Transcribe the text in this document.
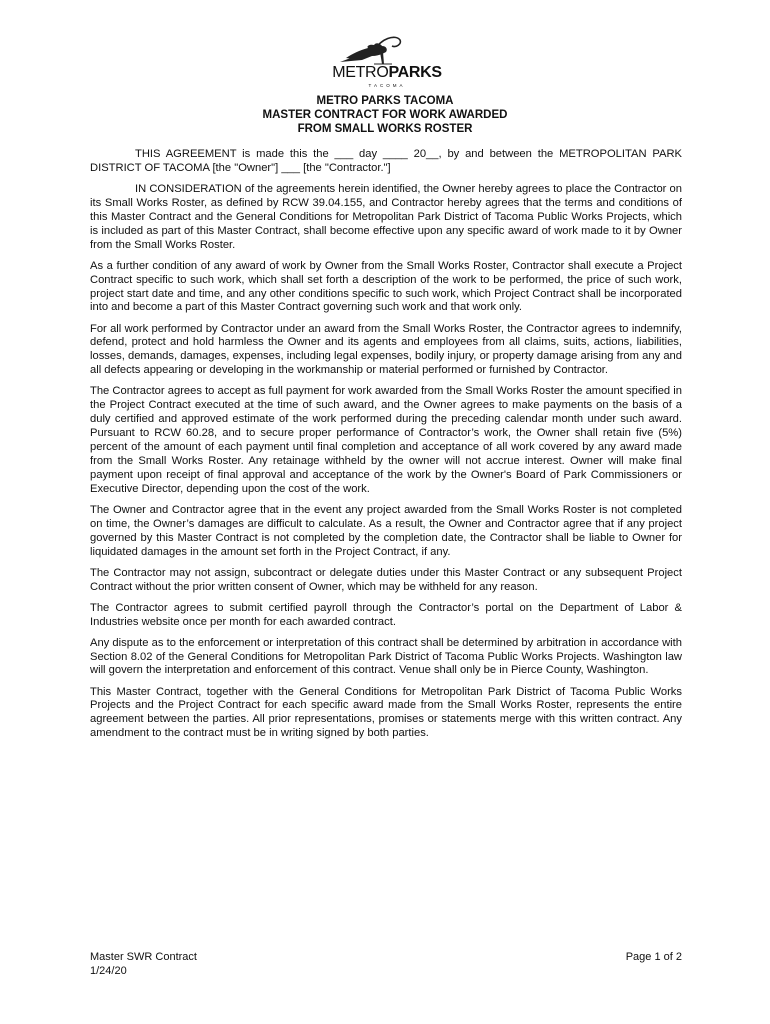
METROPARKS
TACOMA
METRO PARKS TACOMA
MASTER CONTRACT FOR WORK AWARDED
FROM SMALL WORKS ROSTER

THIS AGREEMENT is made this the ___ day ____ 20__, by and between the METROPOLITAN PARK DISTRICT OF TACOMA [the "Owner"] ___ [the "Contractor."]

IN CONSIDERATION of the agreements herein identified, the Owner hereby agrees to place the Contractor on its Small Works Roster, as defined by RCW 39.04.155, and Contractor hereby agrees that the terms and conditions of this Master Contract and the General Conditions for Metropolitan Park District of Tacoma Public Works Projects, which is included as part of this Master Contract, shall become effective upon any specific award of work made to it by Owner from the Small Works Roster.

As a further condition of any award of work by Owner from the Small Works Roster, Contractor shall execute a Project Contract specific to such work, which shall set forth a description of the work to be performed, the price of such work, project start date and time, and any other conditions specific to such work, which Project Contract shall be incorporated into and become a part of this Master Contract governing such work and that work only.

For all work performed by Contractor under an award from the Small Works Roster, the Contractor agrees to indemnify, defend, protect and hold harmless the Owner and its agents and employees from all claims, suits, actions, liabilities, losses, demands, damages, expenses, including legal expenses, bodily injury, or property damage arising from any and all defects appearing or developing in the workmanship or material performed or furnished by Contractor.

The Contractor agrees to accept as full payment for work awarded from the Small Works Roster the amount specified in the Project Contract executed at the time of such award, and the Owner agrees to make payments on the basis of a duly certified and approved estimate of the work performed during the preceding calendar month under such award. Pursuant to RCW 60.28, and to secure proper performance of Contractor’s work, the Owner shall retain five (5%) percent of the amount of each payment until final completion and acceptance of all work covered by any award made from the Small Works Roster. Any retainage withheld by the owner will not accrue interest. Owner will make final payment upon receipt of final approval and acceptance of the work by the Owner's Board of Park Commissioners or Executive Director, depending upon the cost of the work.

The Owner and Contractor agree that in the event any project awarded from the Small Works Roster is not completed on time, the Owner’s damages are difficult to calculate. As a result, the Owner and Contractor agree that if any project governed by this Master Contract is not completed by the completion date, the Contractor shall be liable to Owner for liquidated damages in the amount set forth in the Project Contract, if any.

The Contractor may not assign, subcontract or delegate duties under this Master Contract or any subsequent Project Contract without the prior written consent of Owner, which may be withheld for any reason.

The Contractor agrees to submit certified payroll through the Contractor’s portal on the Department of Labor & Industries website once per month for each awarded contract.

Any dispute as to the enforcement or interpretation of this contract shall be determined by arbitration in accordance with Section 8.02 of the General Conditions for Metropolitan Park District of Tacoma Public Works Projects. Washington law will govern the interpretation and enforcement of this contract. Venue shall only be in Pierce County, Washington.

This Master Contract, together with the General Conditions for Metropolitan Park District of Tacoma Public Works Projects and the Project Contract for each specific award made from the Small Works Roster, represents the entire agreement between the parties. All prior representations, promises or statements merge with this written contract. Any amendment to the contract must be in writing signed by both parties.

Master SWR Contract
1/24/20
Page 1 of 2
